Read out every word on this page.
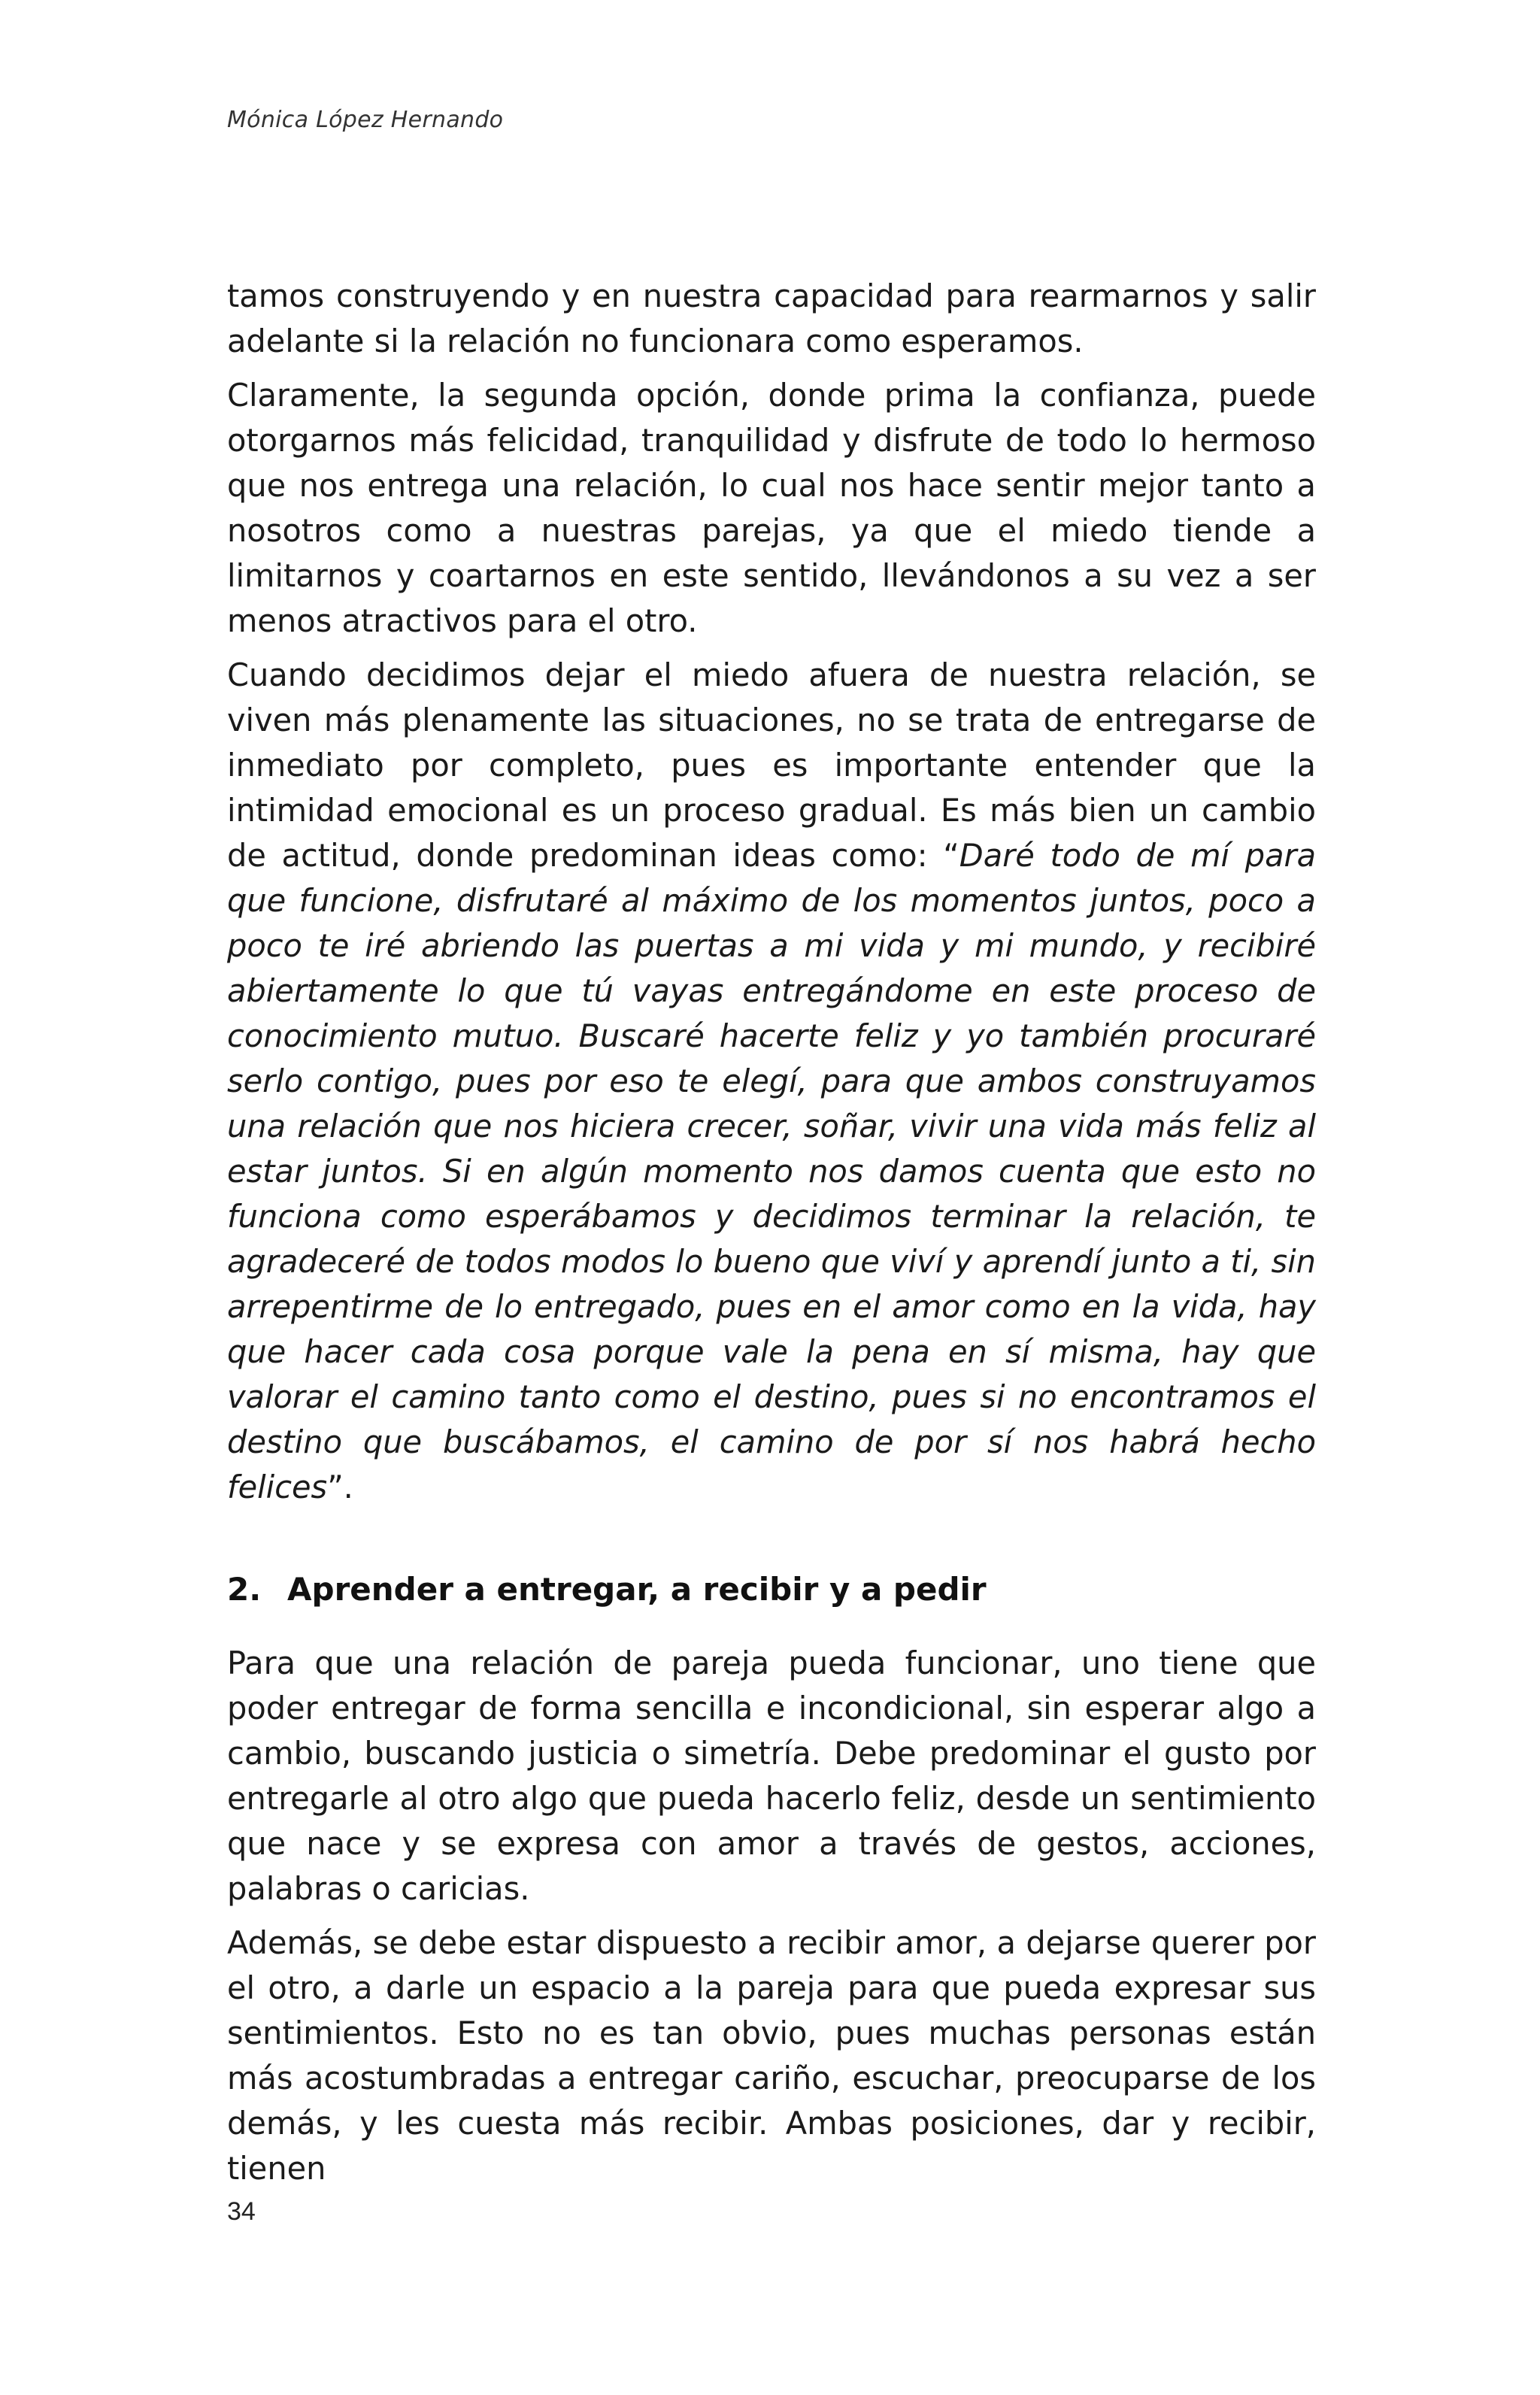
Mónica López Hernando

tamos construyendo y en nuestra capacidad para rearmarnos y salir adelante si la relación no funcionara como esperamos.

Claramente, la segunda opción, donde prima la confianza, puede otorgarnos más felicidad, tranquilidad y disfrute de todo lo hermoso que nos entrega una relación, lo cual nos hace sentir mejor tanto a nosotros como a nuestras parejas, ya que el miedo tiende a limitarnos y coartarnos en este sentido, llevándonos a su vez a ser menos atractivos para el otro.

Cuando decidimos dejar el miedo afuera de nuestra relación, se viven más plenamente las situaciones, no se trata de entregarse de inmediato por completo, pues es importante entender que la intimidad emocional es un proceso gradual. Es más bien un cambio de actitud, donde predominan ideas como: “Daré todo de mí para que funcione, disfrutaré al máximo de los momentos juntos, poco a poco te iré abriendo las puertas a mi vida y mi mundo, y recibiré abiertamente lo que tú vayas entregándome en este proceso de conocimiento mutuo. Buscaré hacerte feliz y yo también procuraré serlo contigo, pues por eso te elegí, para que ambos construyamos una relación que nos hiciera crecer, soñar, vivir una vida más feliz al estar juntos. Si en algún momento nos damos cuenta que esto no funciona como esperábamos y decidimos terminar la relación, te agradeceré de todos modos lo bueno que viví y aprendí junto a ti, sin arrepentirme de lo entregado, pues en el amor como en la vida, hay que hacer cada cosa porque vale la pena en sí misma, hay que valorar el camino tanto como el destino, pues si no encontramos el destino que buscábamos, el camino de por sí nos habrá hecho felices”.

2. Aprender a entregar, a recibir y a pedir

Para que una relación de pareja pueda funcionar, uno tiene que poder entregar de forma sencilla e incondicional, sin esperar algo a cambio, buscando justicia o simetría. Debe predominar el gusto por entregarle al otro algo que pueda hacerlo feliz, desde un sentimiento que nace y se expresa con amor a través de gestos, acciones, palabras o caricias.

Además, se debe estar dispuesto a recibir amor, a dejarse querer por el otro, a darle un espacio a la pareja para que pueda expresar sus sentimientos. Esto no es tan obvio, pues muchas personas están más acostumbradas a entregar cariño, escuchar, preocuparse de los demás, y les cuesta más recibir. Ambas posiciones, dar y recibir, tienen

34
